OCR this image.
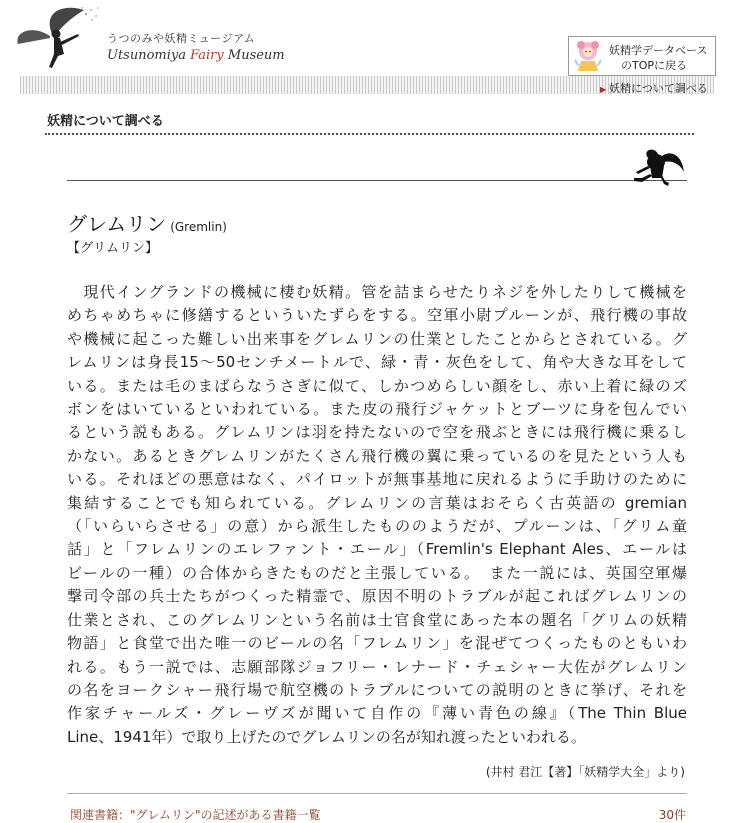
うつのみや妖精ミュージアム
Utsunomiya Fairy Museum	妖精学データベース
のTOPに戻る
▶ 妖精について調べる
妖精について調べる
グレムリン (Gremlin)
【グリムリン】
　現代イングランドの機械に棲む妖精。管を詰まらせたりネジを外したりして機械を
めちゃめちゃに修繕するといういたずらをする。空軍小尉プルーンが、飛行機の事故
や機械に起こった難しい出来事をグレムリンの仕業としたことからとされている。グ
レムリンは身長15～50センチメートルで、緑・青・灰色をして、角や大きな耳をして
いる。または毛のまばらなうさぎに似て、しかつめらしい顔をし、赤い上着に緑のズ
ボンをはいているといわれている。また皮の飛行ジャケットとブーツに身を包んでい
るという説もある。グレムリンは羽を持たないので空を飛ぶときには飛行機に乗るし
かない。あるときグレムリンがたくさん飛行機の翼に乗っているのを見たという人も
いる。それほどの悪意はなく、パイロットが無事基地に戻れるように手助けのために
集結することでも知られている。グレムリンの言葉はおそらく古英語の gremian
（「いらいらさせる」の意）から派生したもののようだが、プルーンは、「グリム童
話」と「フレムリンのエレファント・エール」（Fremlin's Elephant Ales、エールは
ビールの一種）の合体からきたものだと主張している。　また一説には、英国空軍爆
撃司令部の兵士たちがつくった精霊で、原因不明のトラブルが起こればグレムリンの
仕業とされ、このグレムリンという名前は士官食堂にあった本の題名「グリムの妖精
物語」と食堂で出た唯一のビールの名「フレムリン」を混ぜてつくったものともいわ
れる。もう一説では、志願部隊ジョフリー・レナード・チェシャー大佐がグレムリン
の名をヨークシャー飛行場で航空機のトラブルについての説明のときに挙げ、それを
作家チャールズ・グレーヴズが聞いて自作の『薄い青色の線』（The Thin Blue
Line、1941年）で取り上げたのでグレムリンの名が知れ渡ったといわれる。
(井村 君江【著】「妖精学大全」より)
関連書籍："グレムリン"の記述がある書籍一覧	30件
